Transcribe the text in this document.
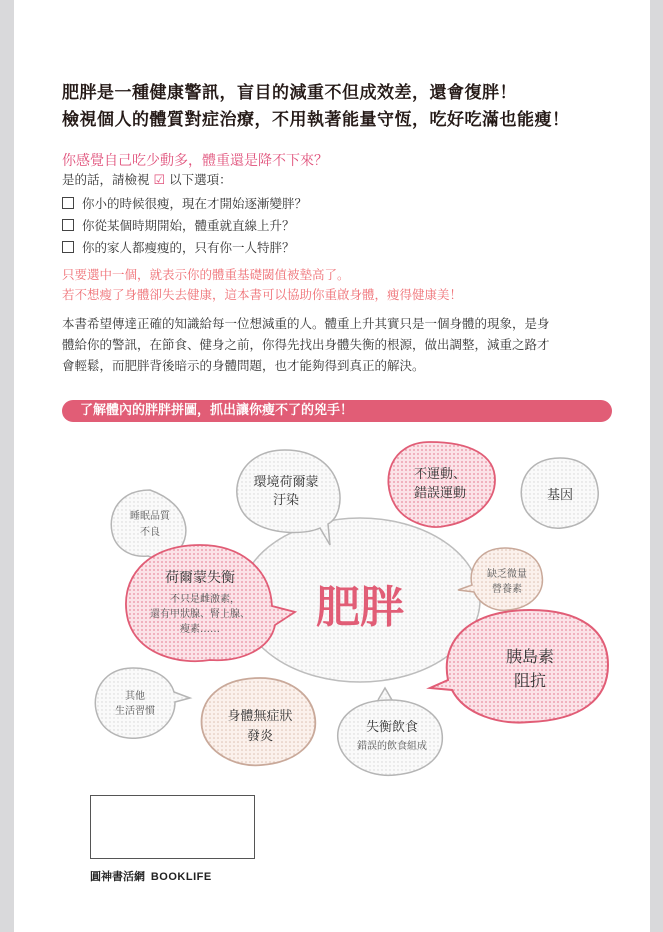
肥胖是一種健康警訊，盲目的減重不但成效差，還會復胖！
檢視個人的體質對症治療，不用執著能量守恆，吃好吃滿也能瘦！
你感覺自己吃少動多，體重還是降不下來？
是的話，請檢視 ☑ 以下選項：
你小的時候很瘦，現在才開始逐漸變胖？
你從某個時期開始，體重就直線上升？
你的家人都瘦瘦的，只有你一人特胖？
只要選中一個，就表示你的體重基礎閾值被墊高了。
若不想瘦了身體卻失去健康，這本書可以協助你重啟身體，瘦得健康美！
本書希望傳達正確的知識給每一位想減重的人。體重上升其實只是一個身體的現象，是身
體給你的警訊，在節食、健身之前，你得先找出身體失衡的根源，做出調整，減重之路才
會輕鬆，而肥胖背後暗示的身體問題，也才能夠得到真正的解決。
了解體內的胖胖拼圖，抓出讓你瘦不了的兇手！
肥胖
環境荷爾蒙
汙染
不運動、
錯誤運動	基因
睡眠品質
不良
荷爾蒙失衡
不只是雌激素，
還有甲狀腺、腎上腺、
瘦素……
缺乏微量
營養素
胰島素
阻抗
其他
生活習慣	身體無症狀
發炎
失衡飲食
錯誤的飲食組成
圓神書活網 BOOKLIFE
